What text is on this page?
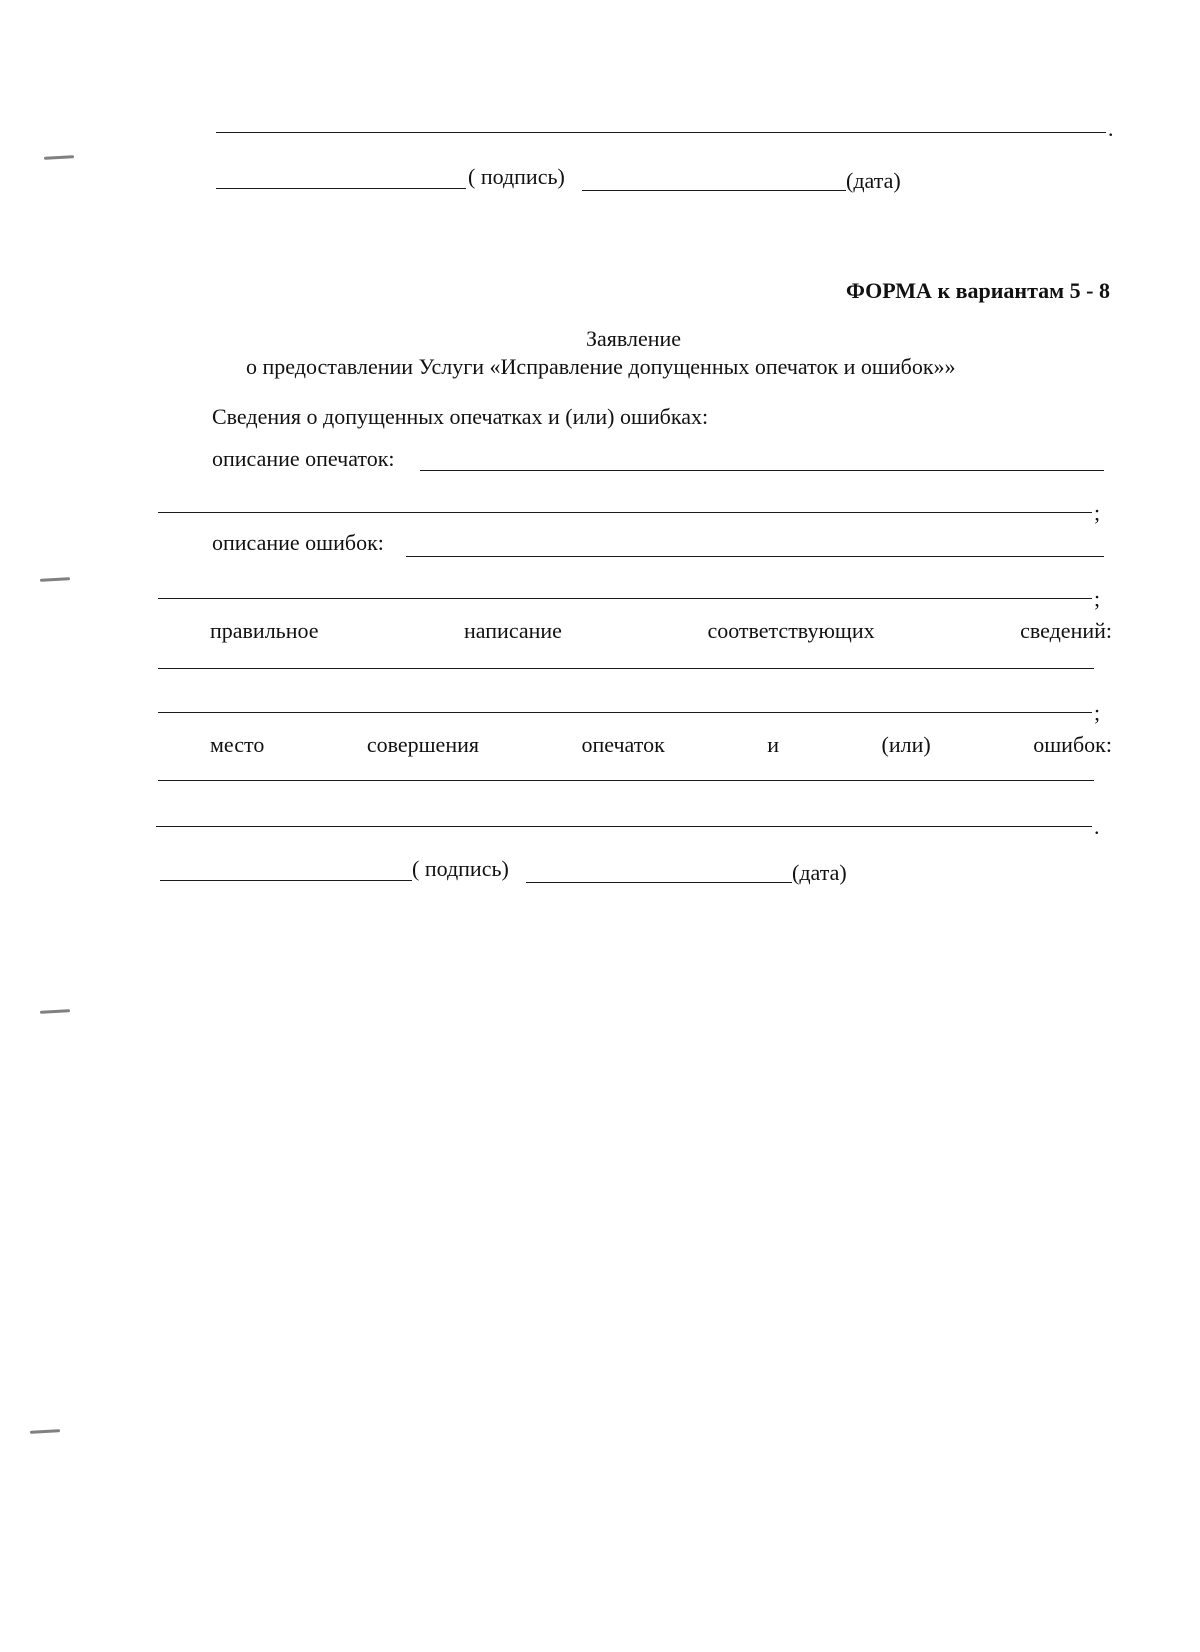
.
( подпись)	(дата)
ФОРМА к вариантам 5 - 8
Заявление
о предоставлении Услуги «Исправление допущенных опечаток и ошибок»»
Сведения о допущенных опечатках и (или) ошибках:
описание опечаток:
;
описание ошибок:
;
правильное	написание	соответствующих	сведений:
;
место	совершения	опечаток	и	(или)	ошибок:
.
( подпись)	(дата)
